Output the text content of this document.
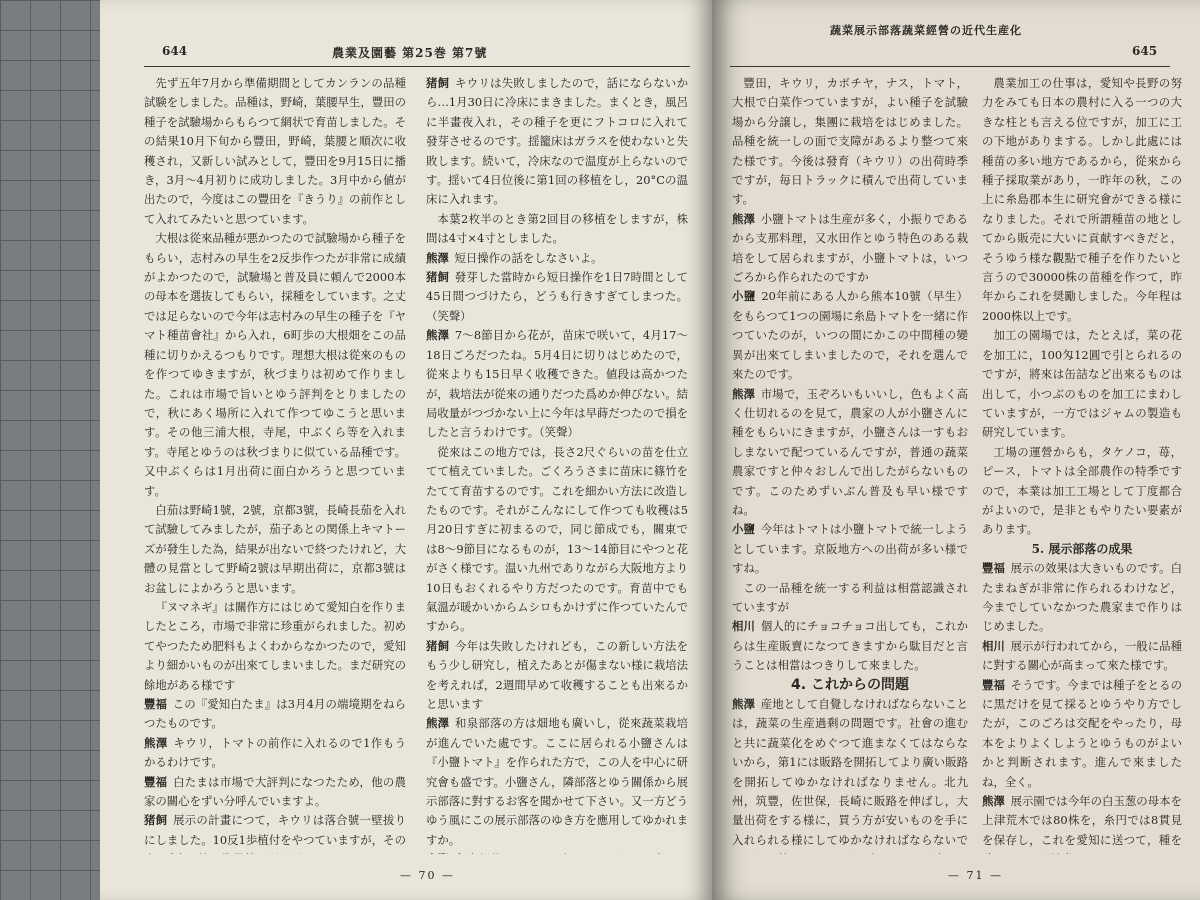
644	農業及園藝 第25巻 第7號

先ず五年7月から準備期間としてカンランの品種試験をしました。品種は，野崎，葉腰早生，豐田の種子を試驗場からもらつて網状で育苗しました。その結果10月下旬から豐田，野崎，葉腰と順次に收穫され，又新しい試みとして，豐田を9月15日に播き，3月～4月初りに成功しました。3月中から値が出たので，今度はこの豐田を『きうり』の前作として入れてみたいと思つています。

大根は從來品種が悪かつたので試驗場から種子をもらい，志村みの早生を2反歩作つたが非常に成績がよかつたので，試驗場と普及員に頼んで2000本の母本を選抜してもらい，採種をしています。之丈では足らないので今年は志村みの早生の種子を『ヤマト種苗會社』から入れ，6町歩の大根畑をこの品種に切りかえるつもりです。理想大根は從來のものを作つてゆきますが，秋づまりは初めて作りました。これは市場で旨いとゆう評判をとりましたので，秋にあく場所に入れて作つてゆこうと思います。その他三浦大根，寺尾，中ぶくら等を入れます。寺尾とゆうのは秋づまりに似ている品種です。又中ぶくらは1月出荷に面白かろうと思つています。

白茄は野崎1號，2號，京都3號，長崎長茄を入れて試驗してみましたが，茄子あとの関係上キマトーズが發生した為，結果が出ないで終つたけれど，大體の見當として野崎2號は早期出荷に，京都3號はお盆しによかろうと思います。

『ヌマネギ』は關作方にはじめて愛知白を作りましたところ，市場で非常に珍重がられました。初めてやつたため肥料もよくわからなかつたので，愛知より細かいものが出來てしまいました。まだ研究の餘地がある様です

豐福 この『愛知白たま』は3月4月の端境期をねらつたものです。

熊澤 キウリ，トマトの前作に入れるので1作もうかるわけです。

豐福 白たまは市場で大評判になつたため，他の農家の關心をずい分呼んでいますよ。

猪飼 展示の計畫につて，キウリは落合號一壁拔りにしました。10反1歩植付をやつていますが，その

猪飼 キウリは失敗しましたので，話にならないから…1月30日に冷床にまきました。まくとき，風呂に半畫夜入れ，その種子を更にフトコロに入れて發芽させるのです。揺籠床はガラスを使わないと失敗します。続いて，冷床なので温度が上らないのです。揺いて4日位後に第1回の移植をし，20°Cの温床に入れます。

本葉2枚半のとき第2回目の移植をしますが，株間は4寸×4寸としました。

熊澤 短日操作の話をしなさいよ。

猪飼 發芽した當時から短日操作を1日7時間として45日間つづけたら，どうも行きすぎてしまつた。（笑聲）

熊澤 7～8節目から花が，苗床で咲いて，4月17～18日ごろだつたね。5月4日に切りはじめたので，從來よりも15日早く收穫できた。値段は高かつたが，栽培法が從來の通りだつた爲めか伸びない。結局收量がつづかない上に今年は早蒔だつたので損をしたと言うわけです。（笑聲）

從來はこの地方では，長さ2尺ぐらいの苗を仕立てて植えていました。ごくろうさまに苗床に篠竹をたてて育苗するのです。これを細かい方法に改造したものです。それがこんなにして作つても收穫は5月20日すぎに初まるので，同じ節成でも，關東では8～9節目になるものが，13～14節目にやつと花がさく様です。温い九州でありながら大阪地方より10日もおくれるやり方だつたのです。育苗中でも氣溫が暖かいからムシロもかけずに作つていたんですから。

猪飼 今年は失敗したけれども，この新しい方法をもう少し研究し，植えたあとが傷まない様に栽培法を考えれば，2週間早めて收穫することも出來るかと思います

熊澤 和泉部落の方は畑地も廣いし，從來蔬菜栽培が進んでいた處です。ここに居られる小鹽さんは『小鹽トマト』を作られた方で，この人を中心に研究會も盛です。小鹽さん，隣部落とゆう關係から展示部落に對するお客を聞かせて下さい。又一方どうゆう風にこの展示部落のゆき方を應用してゆかれますか。

— 70 —
蔬菜展示部落蔬菜經營の近代生産化
645

豐田，キウリ，カボチヤ，ナス，トマト，大根で白菜作つていますが，よい種子を試驗場から分譲し，集團に栽培をはじめました。品種を統一しの面で支障があるより整つて來た様です。今後は發育（キウリ）の出荷時季ですが，毎日トラックに積んで出荷しています。

熊澤 小鹽トマトは生産が多く，小振りであるから支那料理，又水田作とゆう特色のある栽培をして居られますが，小鹽トマトは，いつごろから作られたのですか

小鹽 20年前にある人から熊本10號（早生）をもらつて1つの園場に糸島トマトを一緒に作つていたのが，いつの間にかこの中間種の變異が出來てしまいましたので，それを選んで來たのです。

熊澤 市場で，玉ぞろいもいいし，色もよく高く仕切れるのを見て，農家の人が小鹽さんに種をもらいにきますが，小鹽さんは一すもおしまないで配つているんですが，普通の蔬菜農家ですと仲々おしんで出したがらないものです。このためずいぶん普及も早い様ですね。

小鹽 今年はトマトは小鹽トマトで統一しようとしています。京阪地方への出荷が多い様ですね。

この一品種を統一する利益は相當認識されていますが

相川 個人的にチョコチョコ出しても，これからは生産販賣になつてきますから駄目だと言うことは相當はつきりして來ました。

4. これからの問題

熊澤 産地として自覺しなければならないことは，蔬菜の生産過剩の問題です。社會の進むと共に蔬菜化をめぐつて進まなくてはならないから，第1には販路を開拓してより廣い販路を開拓してゆかなければなりません。北九州，筑豐，佐世保，長崎に販路を伸ばし，大量出荷をする様に，買う方が安いものを手に入れられる様にしてゆかなければならないで

農業加工の仕事は，愛知や長野の努力をみても日本の農村に入る一つの大きな柱とも言える位ですが，加工に工の下地がありまする。しかし此處には種苗の多い地方であるから，從來から種子採取業があり，一昨年の秋，この上に糸島郡本生に研究會ができる様になりました。それで所謂種苗の地としてから販売に大いに貢献すべきだと，そうゆう様な觀點で種子を作りたいと言うので30000株の苗種を作つて，昨年からこれを奨勵しました。今年程は2000株以上です。

加工の園場では，たとえば，菜の花を加工に，100匁12圓で引とられるのですが，將來は缶詰など出來るものは出して，小つぶのものを加工にまわしていますが，一方ではジャムの製造も研究しています。

工場の運營からも，タケノコ，苺，ピース，トマトは全部農作の特季ですので，本業は加工工場として丁度都合がよいので，是非ともやりたい要素があります。

5. 展示部落の成果

豐福 展示の效果は大きいものです。白たまねぎが非常に作られるわけなど，今までしていなかつた農家まで作りはじめました。

相川 展示が行われてから，一般に品種に對する關心が高まって來た様です。

豐福 そうです。今までは種子をとるのに黒だけを見て採るとゆうやり方でしたが，このごろは交配をやったり，母本をよりよくしようとゆうものがよいかと判断されます。進んで來ましたね，全く。

熊澤 展示園では今年の白玉葱の母本を上津荒木では80株を，糸円では8貫見を保存し，これを愛知に送つて，種を

— 71 —
